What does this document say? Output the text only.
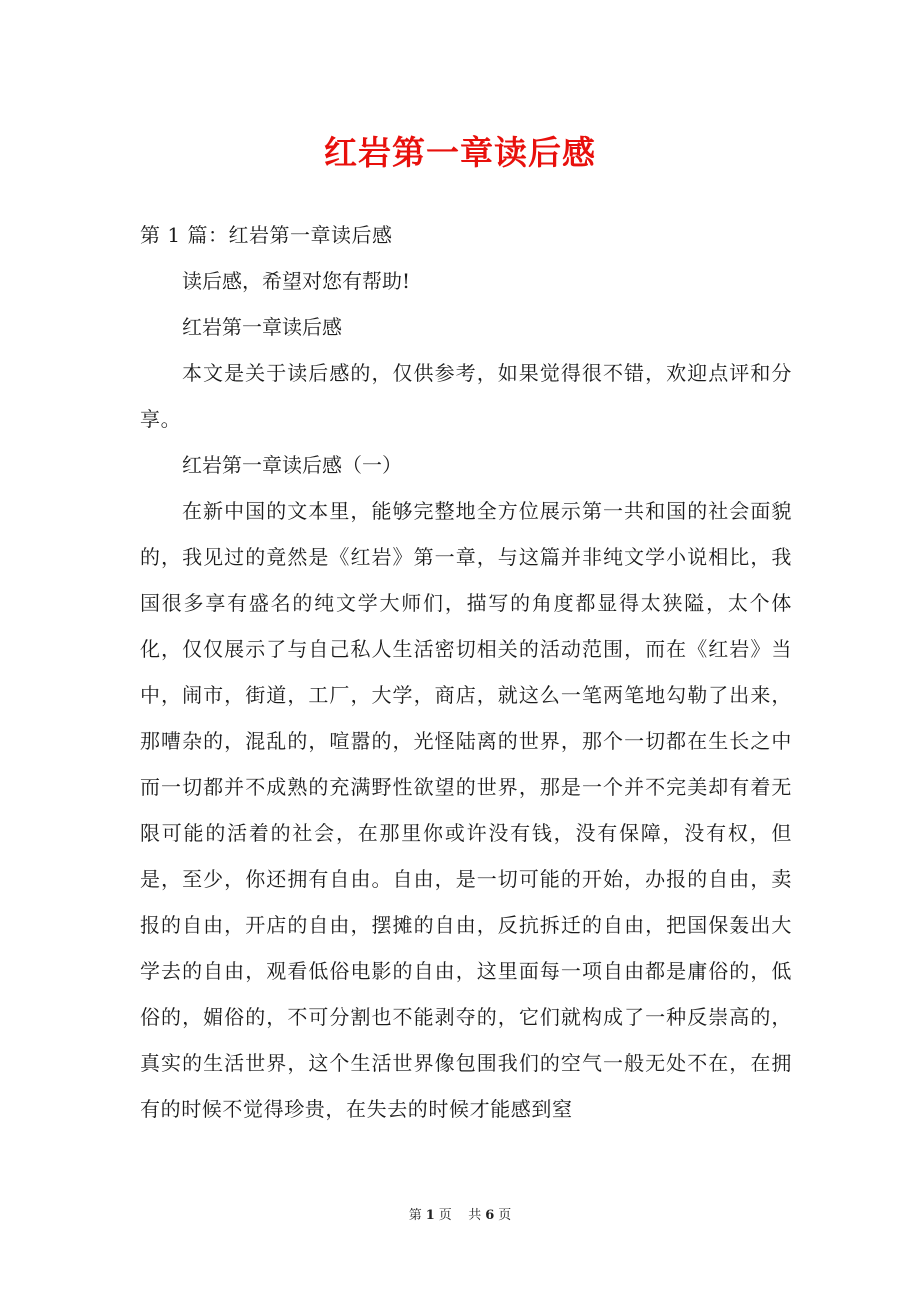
红岩第一章读后感
第 1 篇：红岩第一章读后感
读后感，希望对您有帮助!
红岩第一章读后感
本文是关于读后感的，仅供参考，如果觉得很不错，欢迎点评和分享。
红岩第一章读后感（一）
在新中国的文本里，能够完整地全方位展示第一共和国的社会面貌的，我见过的竟然是《红岩》第一章，与这篇并非纯文学小说相比，我国很多享有盛名的纯文学大师们，描写的角度都显得太狭隘，太个体化，仅仅展示了与自己私人生活密切相关的活动范围，而在《红岩》当中，闹市，街道，工厂，大学，商店，就这么一笔两笔地勾勒了出来，那嘈杂的，混乱的，喧嚣的，光怪陆离的世界，那个一切都在生长之中而一切都并不成熟的充满野性欲望的世界，那是一个并不完美却有着无限可能的活着的社会，在那里你或许没有钱，没有保障，没有权，但是，至少，你还拥有自由。自由，是一切可能的开始，办报的自由，卖报的自由，开店的自由，摆摊的自由，反抗拆迁的自由，把国保轰出大学去的自由，观看低俗电影的自由，这里面每一项自由都是庸俗的，低俗的，媚俗的，不可分割也不能剥夺的，它们就构成了一种反崇高的，真实的生活世界，这个生活世界像包围我们的空气一般无处不在，在拥有的时候不觉得珍贵，在失去的时候才能感到窒
第 1 页 共 6 页
